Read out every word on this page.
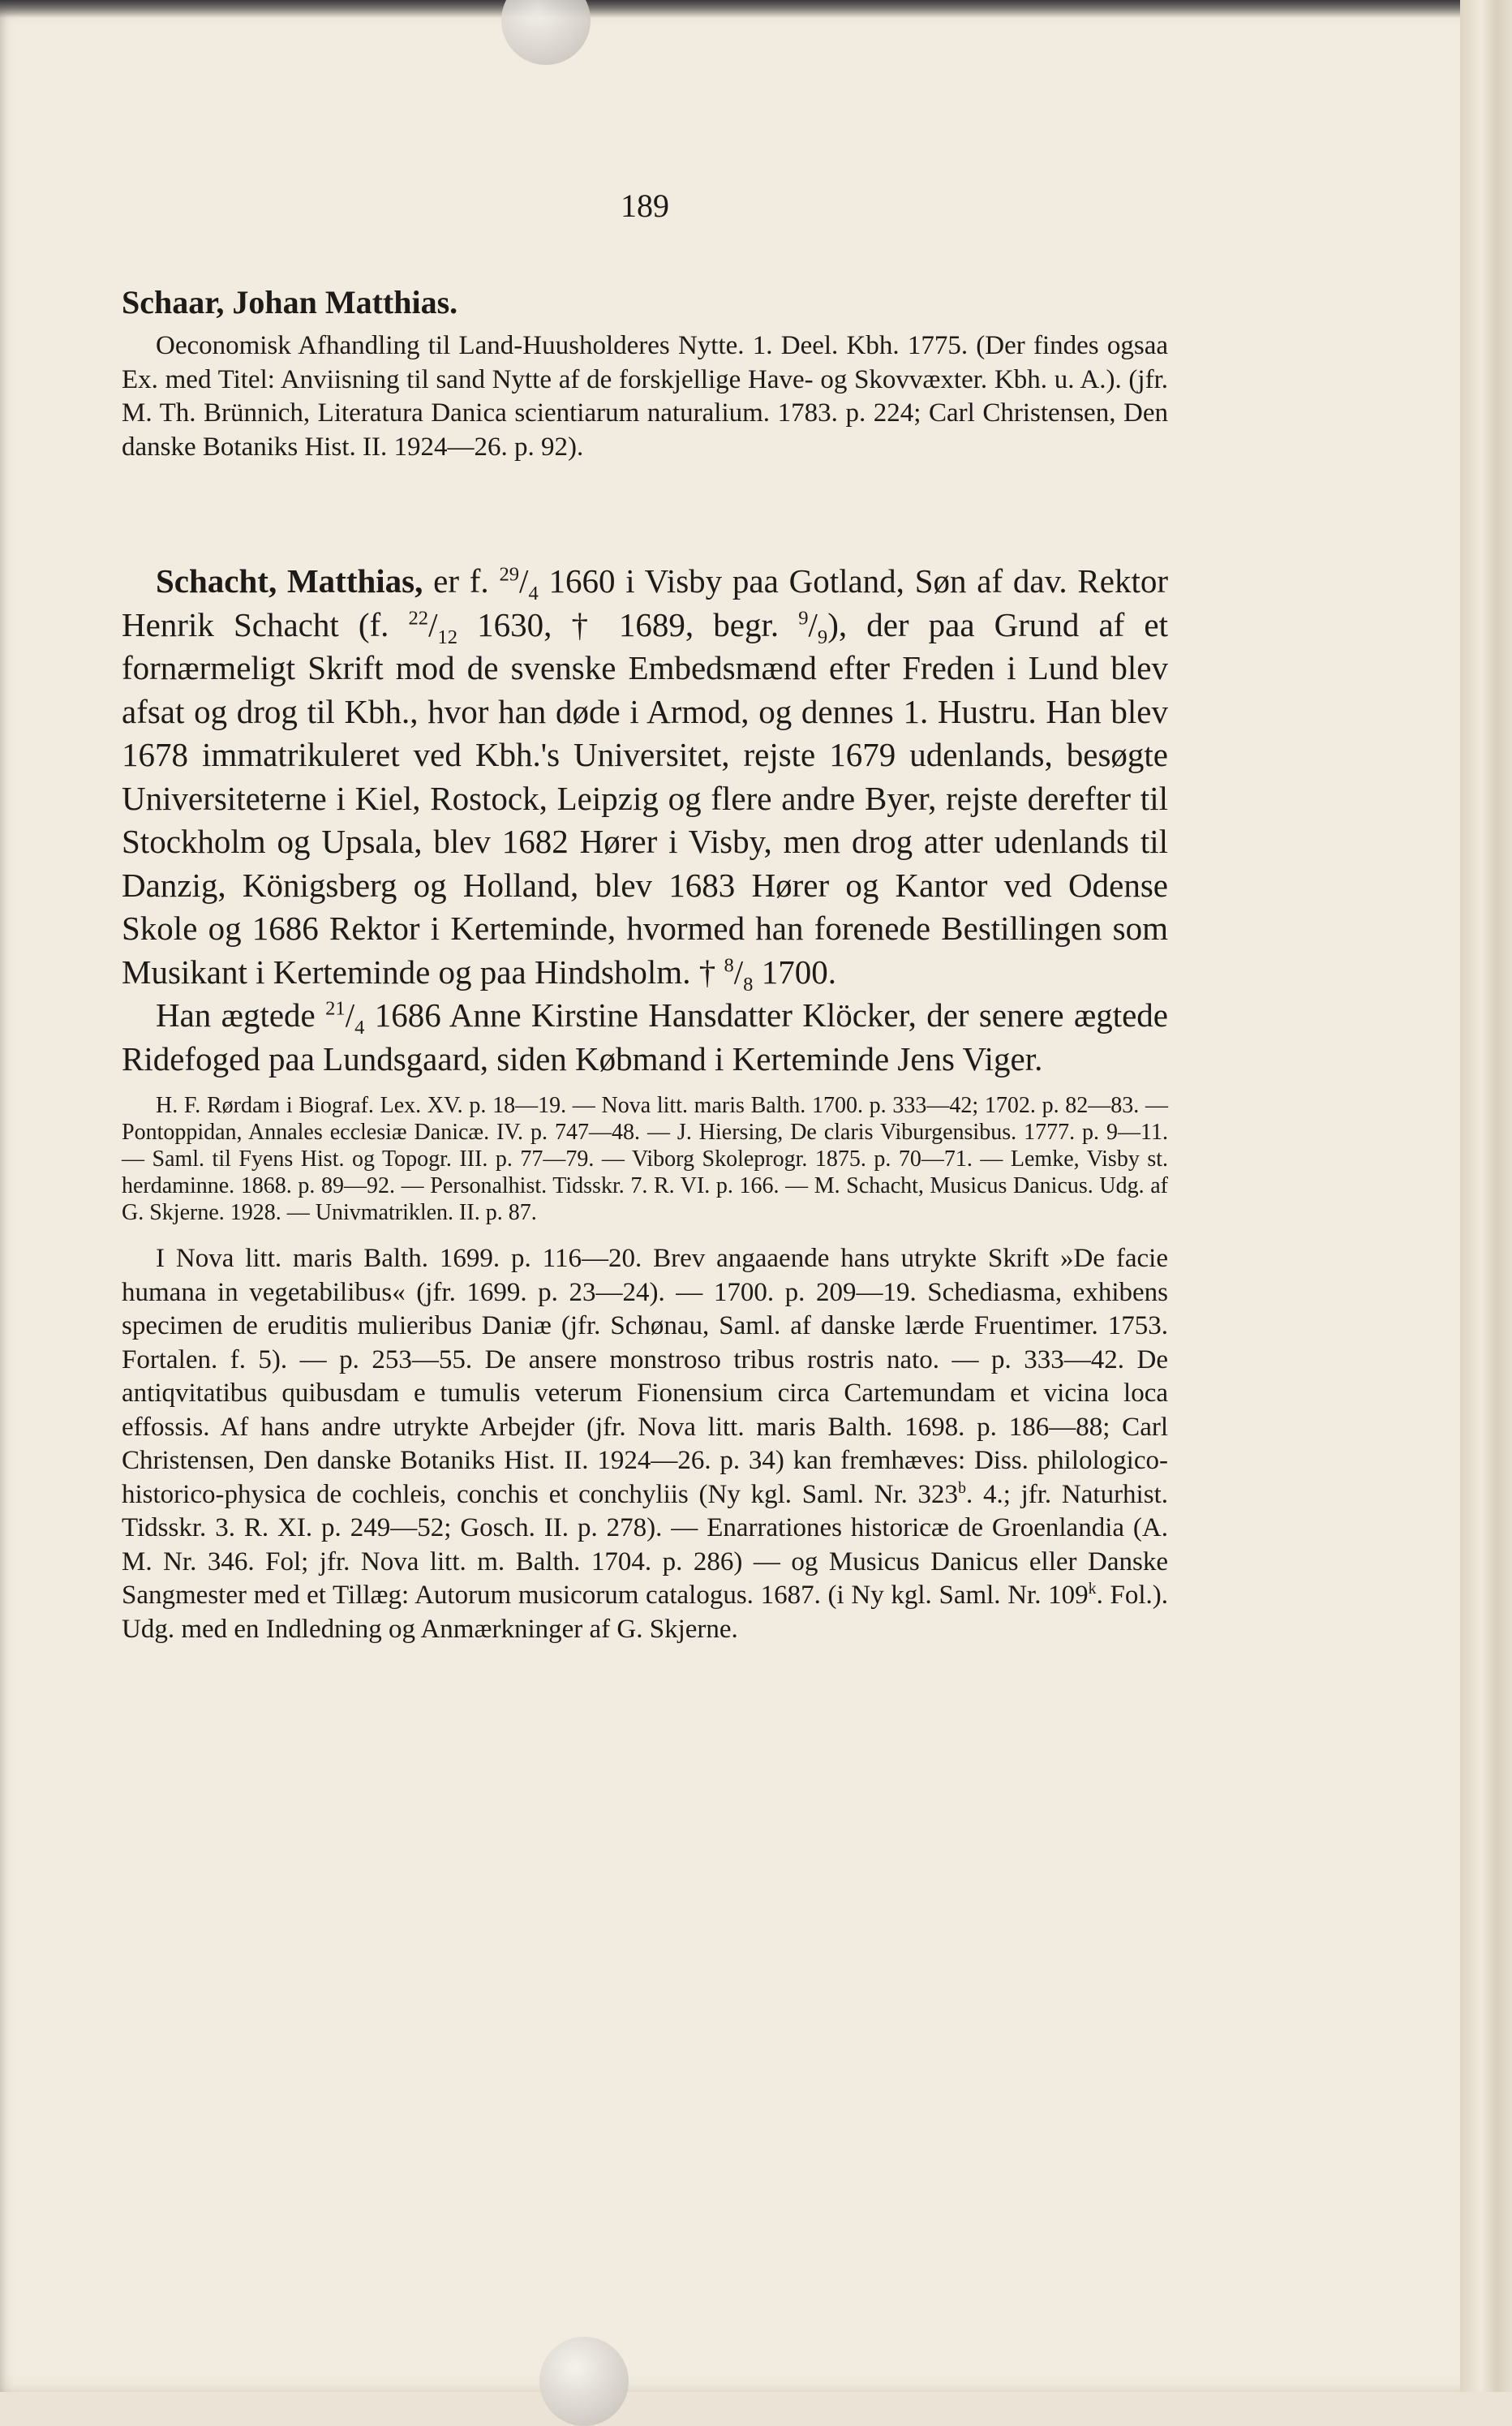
189

Schaar, Johan Matthias.

Oeconomisk Afhandling til Land-Huusholderes Nytte. 1. Deel. Kbh. 1775. (Der findes ogsaa Ex. med Titel: Anviisning til sand Nytte af de forskjellige Have- og Skovvæxter. Kbh. u. A.). (jfr. M. Th. Brünnich, Literatura Danica scientiarum naturalium. 1783. p. 224; Carl Christensen, Den danske Botaniks Hist. II. 1924—26. p. 92).

Schacht, Matthias, er f. $^{29}/_4$ 1660 i Visby paa Gotland, Søn af dav. Rektor Henrik Schacht (f. $^{22}/_{12}$ 1630, † 1689, begr. $^9/_9$), der paa Grund af et fornærmeligt Skrift mod de svenske Embedsmænd efter Freden i Lund blev afsat og drog til Kbh., hvor han døde i Armod, og dennes 1. Hustru. Han blev 1678 immatrikuleret ved Kbh.'s Universitet, rejste 1679 udenlands, besøgte Universiteterne i Kiel, Rostock, Leipzig og flere andre Byer, rejste derefter til Stockholm og Upsala, blev 1682 Hører i Visby, men drog atter udenlands til Danzig, Königsberg og Holland, blev 1683 Hører og Kantor ved Odense Skole og 1686 Rektor i Kerteminde, hvormed han forenede Bestillingen som Musikant i Kerteminde og paa Hindsholm. † $^8/_8$ 1700.

Han ægtede $^{21}/_4$ 1686 Anne Kirstine Hansdatter Klöcker, der senere ægtede Ridefoged paa Lundsgaard, siden Købmand i Kerteminde Jens Viger.

H. F. Rørdam i Biograf. Lex. XV. p. 18—19. — Nova litt. maris Balth. 1700. p. 333—42; 1702. p. 82—83. — Pontoppidan, Annales ecclesiæ Danicæ. IV. p. 747—48. — J. Hiersing, De claris Viburgensibus. 1777. p. 9—11. — Saml. til Fyens Hist. og Topogr. III. p. 77—79. — Viborg Skoleprogr. 1875. p. 70—71. — Lemke, Visby st. herdaminne. 1868. p. 89—92. — Personalhist. Tidsskr. 7. R. VI. p. 166. — M. Schacht, Musicus Danicus. Udg. af G. Skjerne. 1928. — Univmatriklen. II. p. 87.

I Nova litt. maris Balth. 1699. p. 116—20. Brev angaaende hans utrykte Skrift »De facie humana in vegetabilibus« (jfr. 1699. p. 23—24). — 1700. p. 209—19. Schediasma, exhibens specimen de eruditis mulieribus Daniæ (jfr. Schønau, Saml. af danske lærde Fruentimer. 1753. Fortalen. f. 5). — p. 253—55. De ansere monstroso tribus rostris nato. — p. 333—42. De antiqvitatibus quibusdam e tumulis veterum Fionensium circa Cartemundam et vicina loca effossis. Af hans andre utrykte Arbejder (jfr. Nova litt. maris Balth. 1698. p. 186—88; Carl Christensen, Den danske Botaniks Hist. II. 1924—26. p. 34) kan fremhæves: Diss. philologico-historico-physica de cochleis, conchis et conchyliis (Ny kgl. Saml. Nr. 323$^b$. 4.; jfr. Naturhist. Tidsskr. 3. R. XI. p. 249—52; Gosch. II. p. 278). — Enarrationes historicæ de Groenlandia (A. M. Nr. 346. Fol; jfr. Nova litt. m. Balth. 1704. p. 286) — og Musicus Danicus eller Danske Sangmester med et Tillæg: Autorum musicorum catalogus. 1687. (i Ny kgl. Saml. Nr. 109$^k$. Fol.). Udg. med en Indledning og Anmærkninger af G. Skjerne.
